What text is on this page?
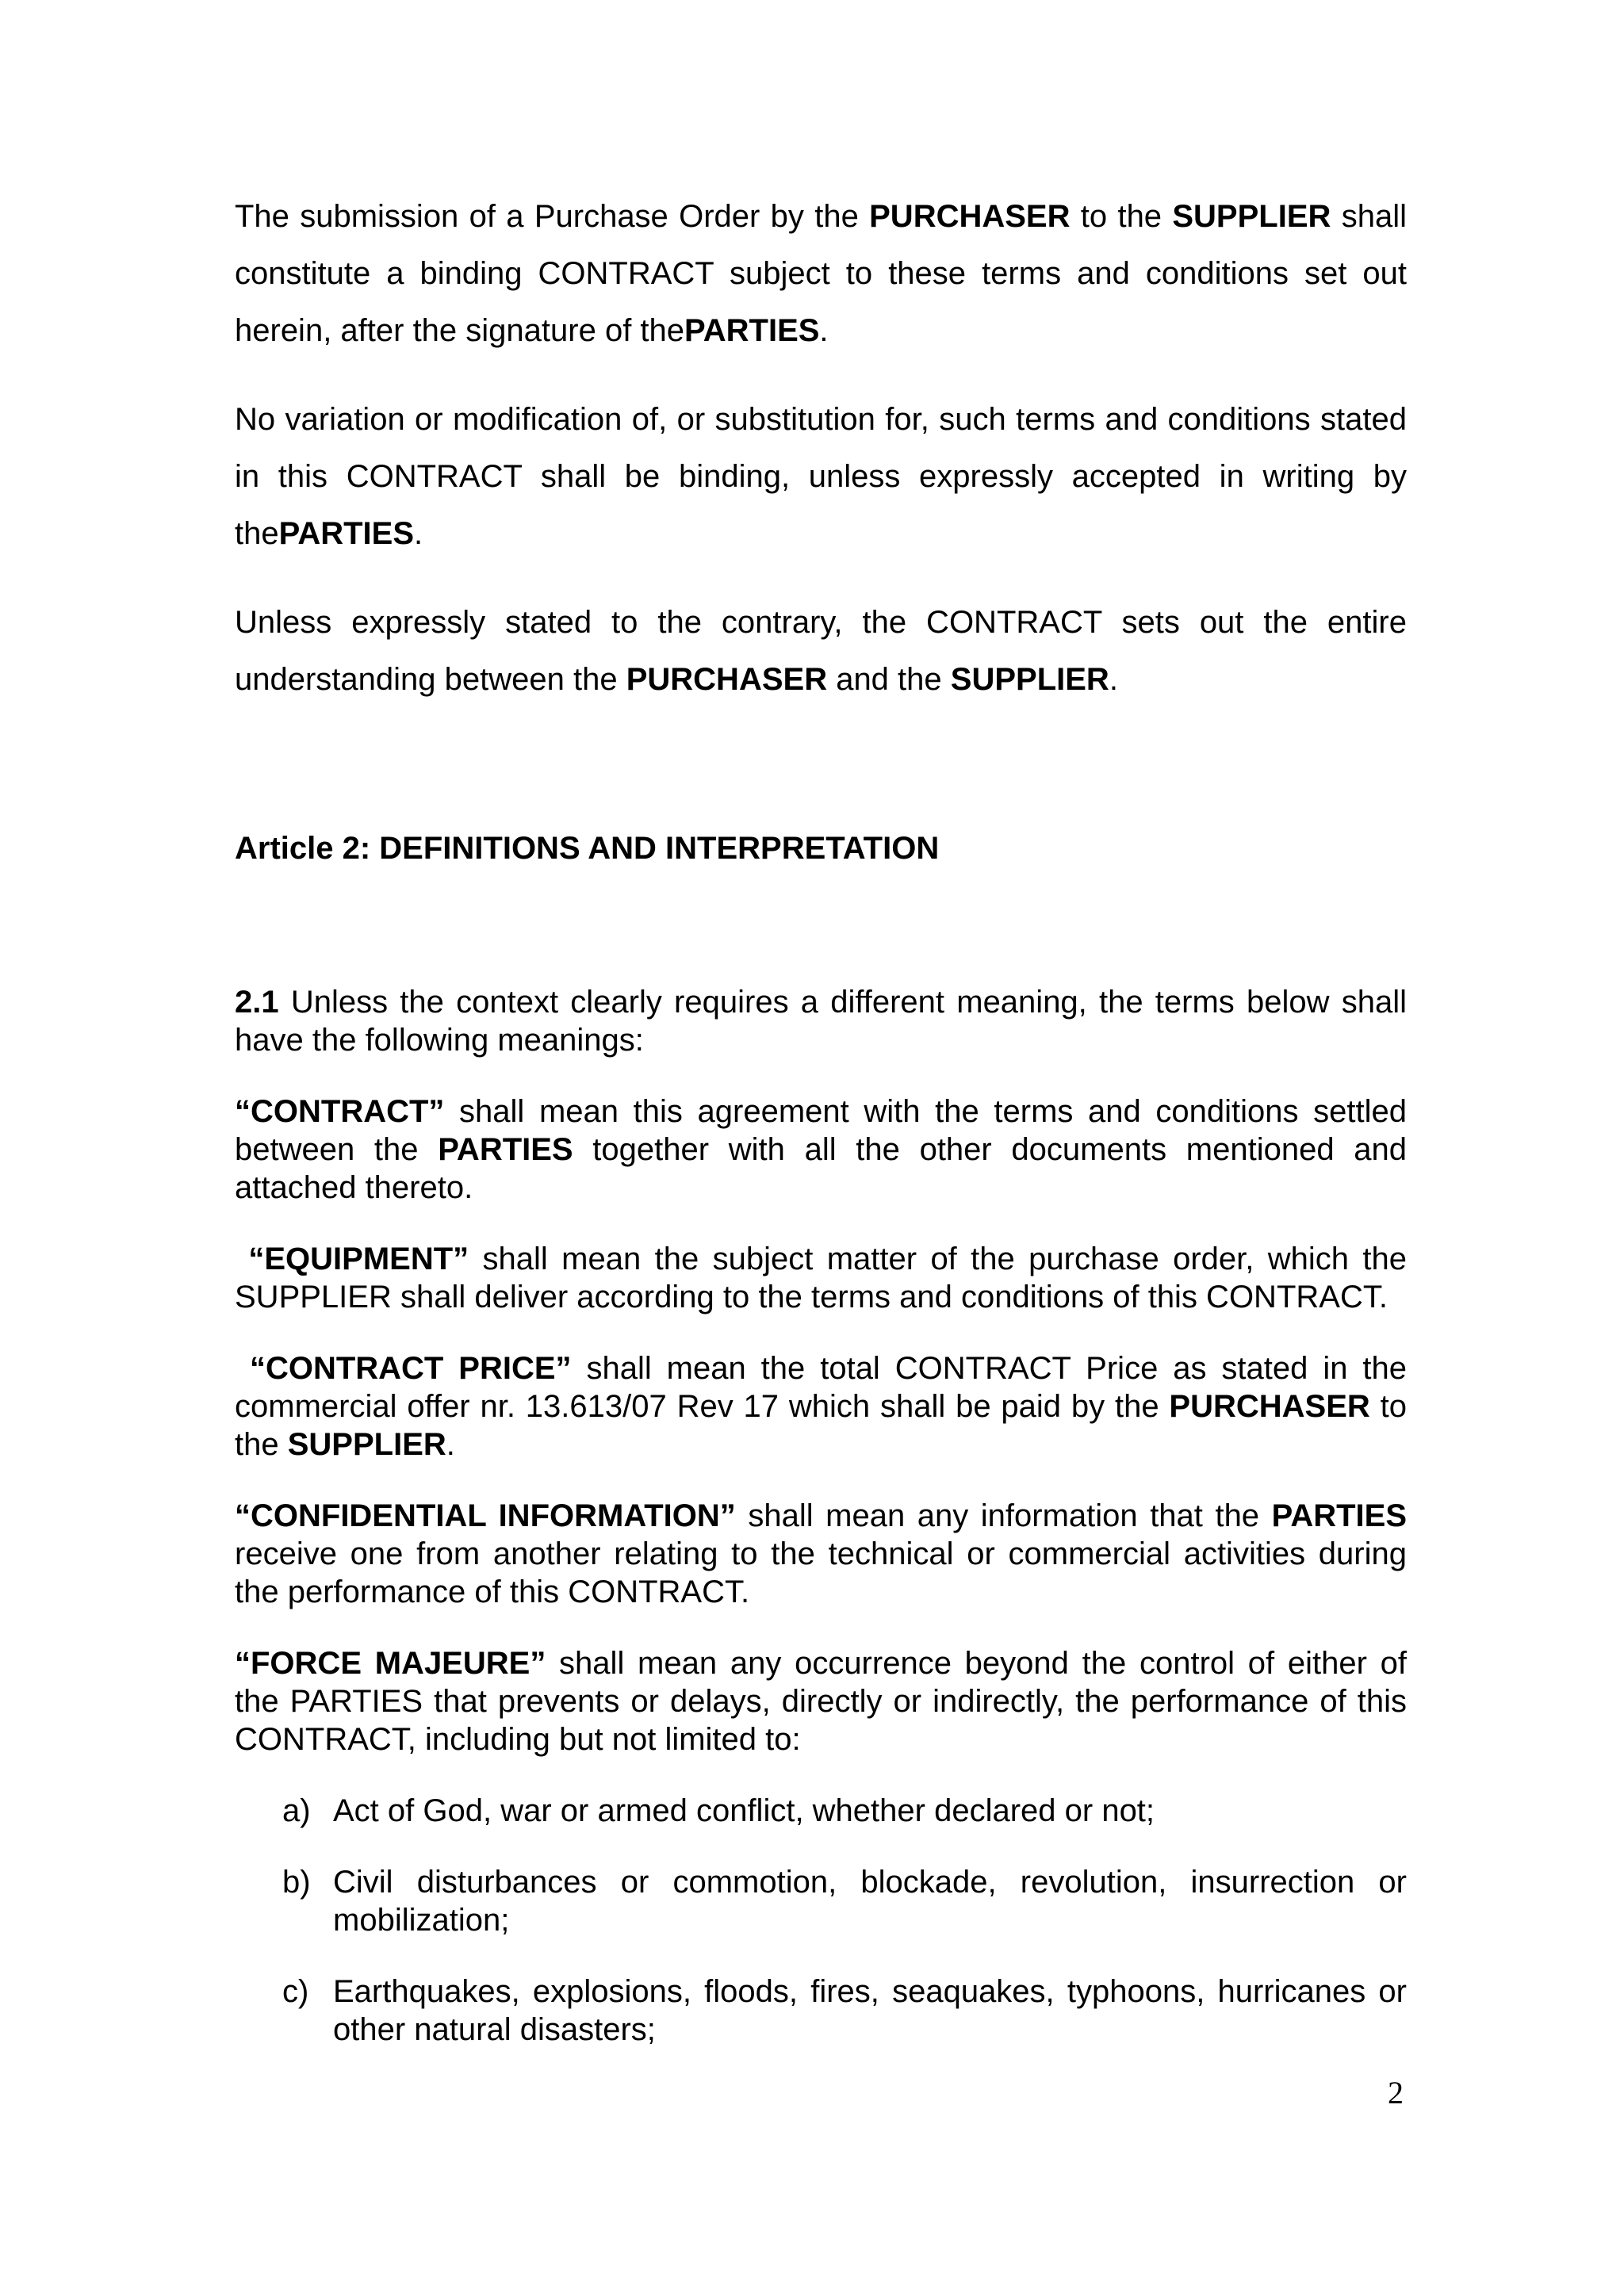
The submission of a Purchase Order by the PURCHASER to the SUPPLIER shall constitute a binding CONTRACT subject to these terms and conditions set out herein, after the signature of thePARTIES.

No variation or modification of, or substitution for, such terms and conditions stated in this CONTRACT shall be binding, unless expressly accepted in writing by thePARTIES.

Unless expressly stated to the contrary, the CONTRACT sets out the entire understanding between the PURCHASER and the SUPPLIER.

Article 2: DEFINITIONS AND INTERPRETATION

2.1 Unless the context clearly requires a different meaning, the terms below shall have the following meanings:

“CONTRACT” shall mean this agreement with the terms and conditions settled between the PARTIES together with all the other documents mentioned and attached thereto.

“EQUIPMENT” shall mean the subject matter of the purchase order, which the SUPPLIER shall deliver according to the terms and conditions of this CONTRACT.

“CONTRACT PRICE” shall mean the total CONTRACT Price as stated in the commercial offer nr. 13.613/07 Rev 17 which shall be paid by the PURCHASER to the SUPPLIER.

“CONFIDENTIAL INFORMATION” shall mean any information that the PARTIES receive one from another relating to the technical or commercial activities during the performance of this CONTRACT.

“FORCE MAJEURE” shall mean any occurrence beyond the control of either of the PARTIES that prevents or delays, directly or indirectly, the performance of this CONTRACT, including but not limited to:

a) Act of God, war or armed conflict, whether declared or not;

b) Civil disturbances or commotion, blockade, revolution, insurrection or mobilization;

c) Earthquakes, explosions, floods, fires, seaquakes, typhoons, hurricanes or other natural disasters;

2
